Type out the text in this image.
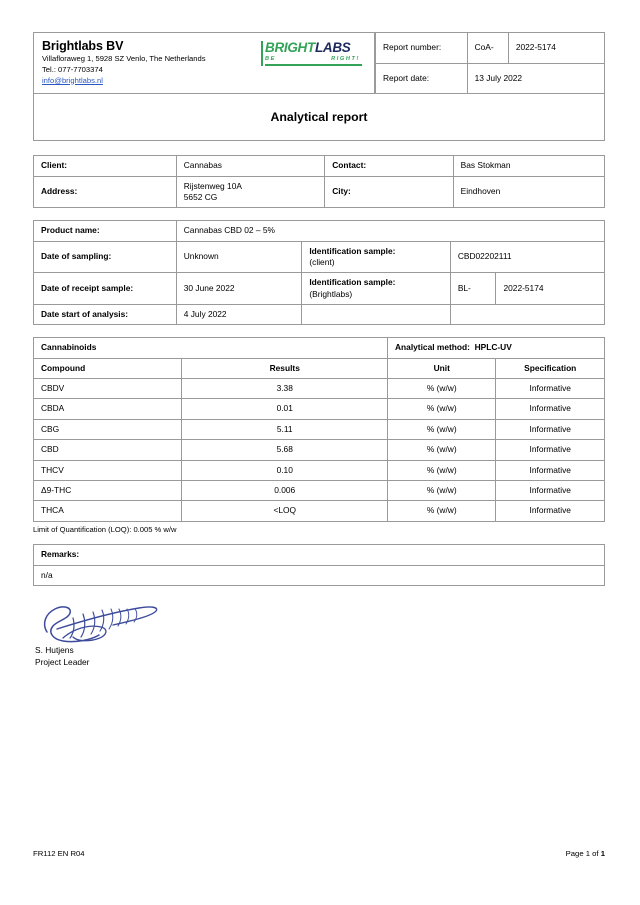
Brightlabs BV
Villafloraweg 1, 5928 SZ Venlo, The Netherlands
Tel.: 077-7703374
info@brightlabs.nl
BRIGHTLABS
BE	RIGHT!
Report number:	CoA-	2022-5174
Report date:	13 July 2022	
Analytical report
Client:	Cannabas	Contact:	Bas Stokman
Address:	Rijstenweg 10A
5652 CG	City:	Eindhoven
Product name:	Cannabas CBD 02 – 5%			
Date of sampling:	Unknown	Identification sample:
(client)	CBD02202111	
Date of receipt sample:	30 June 2022	Identification sample:
(Brightlabs)	BL-	2022-5174
Date start of analysis:	4 July 2022			
Cannabinoids		Analytical method: HPLC-UV	
Compound	Results	Unit	Specification
CBDV	3.38	% (w/w)	Informative
CBDA	0.01	% (w/w)	Informative
CBG	5.11	% (w/w)	Informative
CBD	5.68	% (w/w)	Informative
THCV	0.10	% (w/w)	Informative
Δ9-THC	0.006	% (w/w)	Informative
THCA	<LOQ	% (w/w)	Informative
Limit of Quantification (LOQ): 0.005 % w/w
Remarks:
n/a
S. Hutjens
Project Leader
FR112 EN R04	Page 1 of 1
